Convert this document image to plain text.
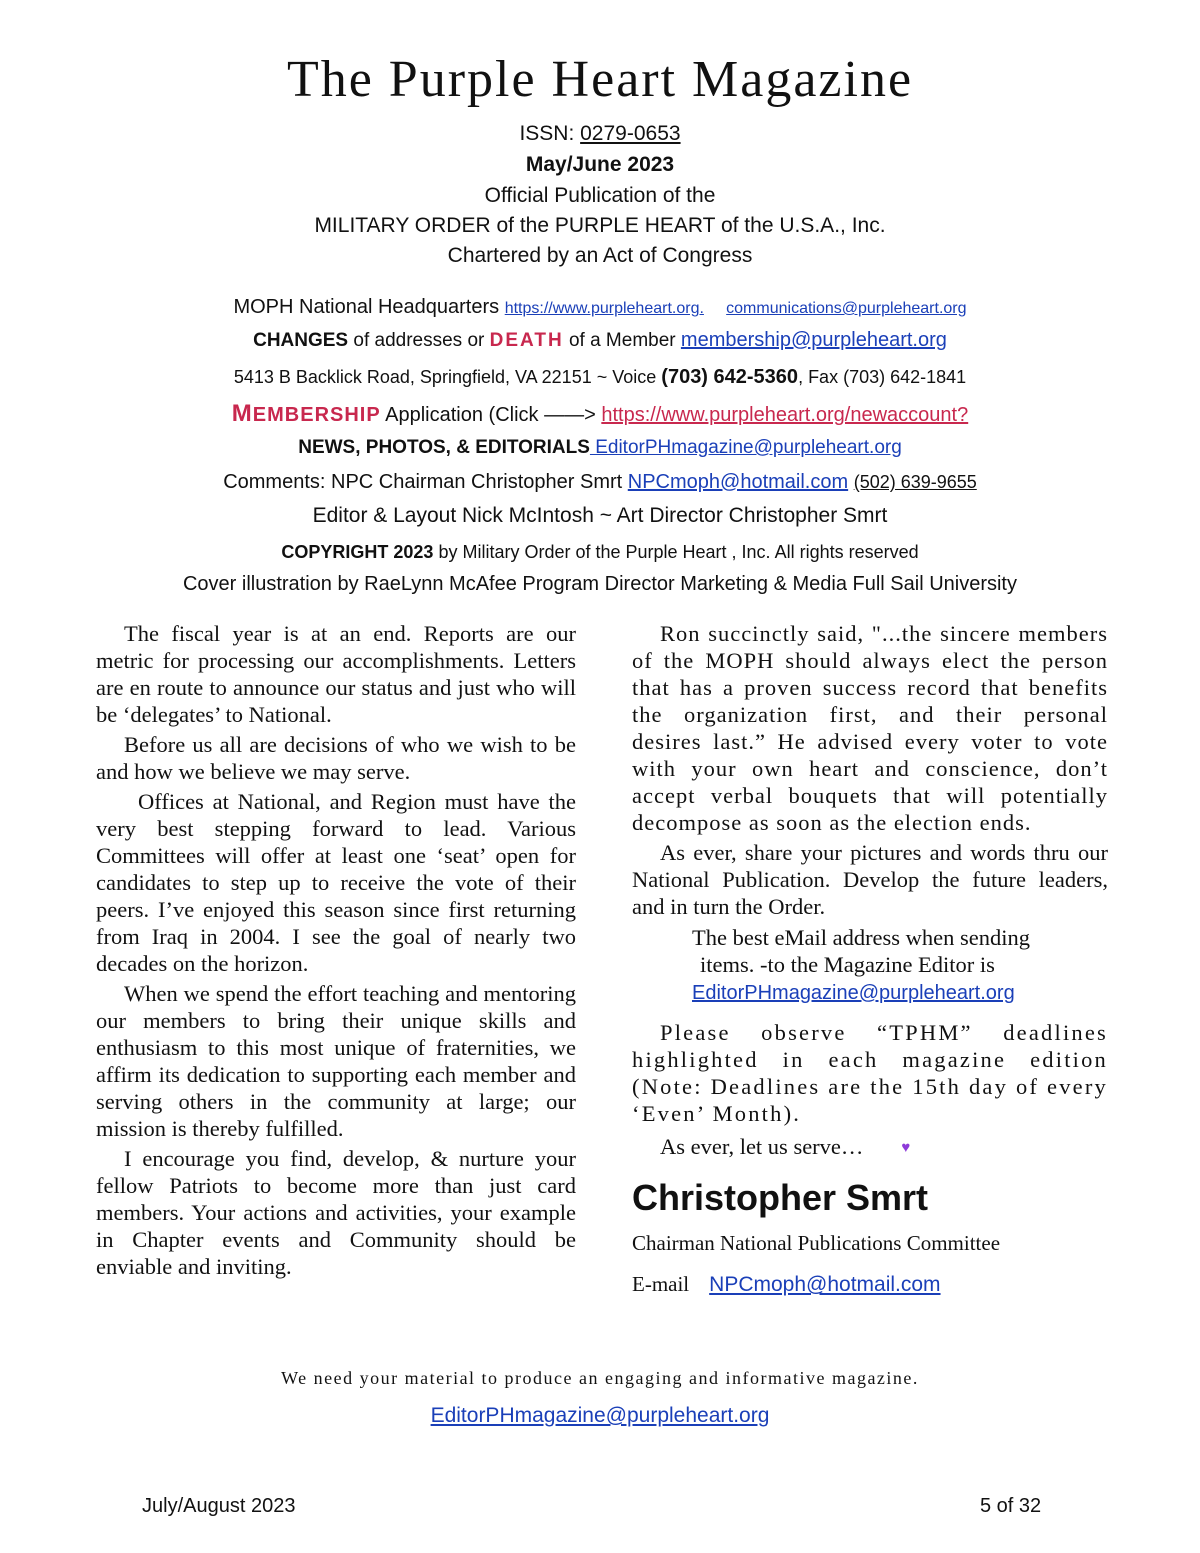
The Purple Heart Magazine
ISSN: 0279-0653
May/June 2023
Official Publication of the
MILITARY ORDER of the PURPLE HEART of the U.S.A., Inc.
Chartered by an Act of Congress
MOPH National Headquarters https://www.purpleheart.org. communications@purpleheart.org
CHANGES of addresses or DEATH of a Member membership@purpleheart.org
5413 B Backlick Road, Springfield, VA 22151 ~ Voice (703) 642-5360, Fax (703) 642-1841
MEMBERSHIP Application (Click ——> https://www.purpleheart.org/newaccount?
NEWS, PHOTOS, & EDITORIALS EditorPHmagazine@purpleheart.org
Comments: NPC Chairman Christopher Smrt NPCmoph@hotmail.com (502) 639-9655
Editor & Layout Nick McIntosh ~ Art Director Christopher Smrt
COPYRIGHT 2023 by Military Order of the Purple Heart , Inc. All rights reserved
Cover illustration by RaeLynn McAfee Program Director Marketing & Media Full Sail University

The fiscal year is at an end. Reports are our metric for processing our accomplishments. Letters are en route to announce our status and just who will be ‘delegates’ to National.

Before us all are decisions of who we wish to be and how we believe we may serve.

Offices at National, and Region must have the very best stepping forward to lead. Various Committees will offer at least one ‘seat’ open for candidates to step up to receive the vote of their peers. I’ve enjoyed this season since first returning from Iraq in 2004. I see the goal of nearly two decades on the horizon.

When we spend the effort teaching and mentoring our members to bring their unique skills and enthusiasm to this most unique of fraternities, we affirm its dedication to supporting each member and serving others in the community at large; our mission is thereby fulfilled.

I encourage you find, develop, & nurture your fellow Patriots to become more than just card members. Your actions and activities, your example in Chapter events and Community should be enviable and inviting.

Ron succinctly said, "...the sincere members of the MOPH should always elect the person that has a proven success record that benefits the organization first, and their personal desires last.” He advised every voter to vote with your own heart and conscience, don’t accept verbal bouquets that will potentially decompose as soon as the election ends.

As ever, share your pictures and words thru our National Publication. Develop the future leaders, and in turn the Order.

The best eMail address when sending

items. -to the Magazine Editor is
EditorPHmagazine@purpleheart.org

Please observe “TPHM” deadlines highlighted in each magazine edition (Note: Deadlines are the 15th day of every ‘Even’ Month).

As ever, let us serve…	♥

Christopher Smrt
Chairman National Publications Committee
E-mail NPCmoph@hotmail.com
We need your material to produce an engaging and informative magazine.
EditorPHmagazine@purpleheart.org
July/August 2023	5 of 32
